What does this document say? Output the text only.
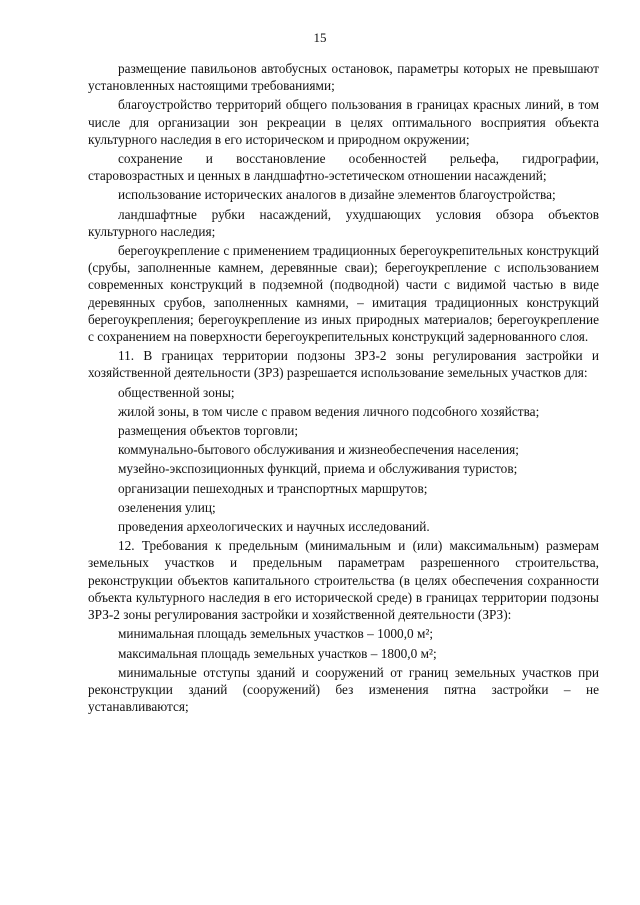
15

размещение павильонов автобусных остановок, параметры которых не превышают установленных настоящими требованиями;

благоустройство территорий общего пользования в границах красных линий, в том числе для организации зон рекреации в целях оптимального восприятия объекта культурного наследия в его историческом и природном окружении;

сохранение и восстановление особенностей рельефа, гидрографии, старовозрастных и ценных в ландшафтно-эстетическом отношении насаждений;

использование исторических аналогов в дизайне элементов благоустройства;

ландшафтные рубки насаждений, ухудшающих условия обзора объектов культурного наследия;

берегоукрепление с применением традиционных берегоукрепительных конструкций (срубы, заполненные камнем, деревянные сваи); берегоукрепление с использованием современных конструкций в подземной (подводной) части с видимой частью в виде деревянных срубов, заполненных камнями, – имитация традиционных конструкций берегоукрепления; берегоукрепление из иных природных материалов; берегоукрепление с сохранением на поверхности берегоукрепительных конструкций задернованного слоя.

11. В границах территории подзоны ЗРЗ-2 зоны регулирования застройки и хозяйственной деятельности (ЗРЗ) разрешается использование земельных участков для:

общественной зоны;

жилой зоны, в том числе с правом ведения личного подсобного хозяйства;

размещения объектов торговли;

коммунально-бытового обслуживания и жизнеобеспечения населения;

музейно-экспозиционных функций, приема и обслуживания туристов;

организации пешеходных и транспортных маршрутов;

озеленения улиц;

проведения археологических и научных исследований.

12. Требования к предельным (минимальным и (или) максимальным) размерам земельных участков и предельным параметрам разрешенного строительства, реконструкции объектов капитального строительства (в целях обеспечения сохранности объекта культурного наследия в его исторической среде) в границах территории подзоны ЗРЗ-2 зоны регулирования застройки и хозяйственной деятельности (ЗРЗ):

минимальная площадь земельных участков – 1000,0 м²;

максимальная площадь земельных участков – 1800,0 м²;

минимальные отступы зданий и сооружений от границ земельных участков при реконструкции зданий (сооружений) без изменения пятна застройки – не устанавливаются;
